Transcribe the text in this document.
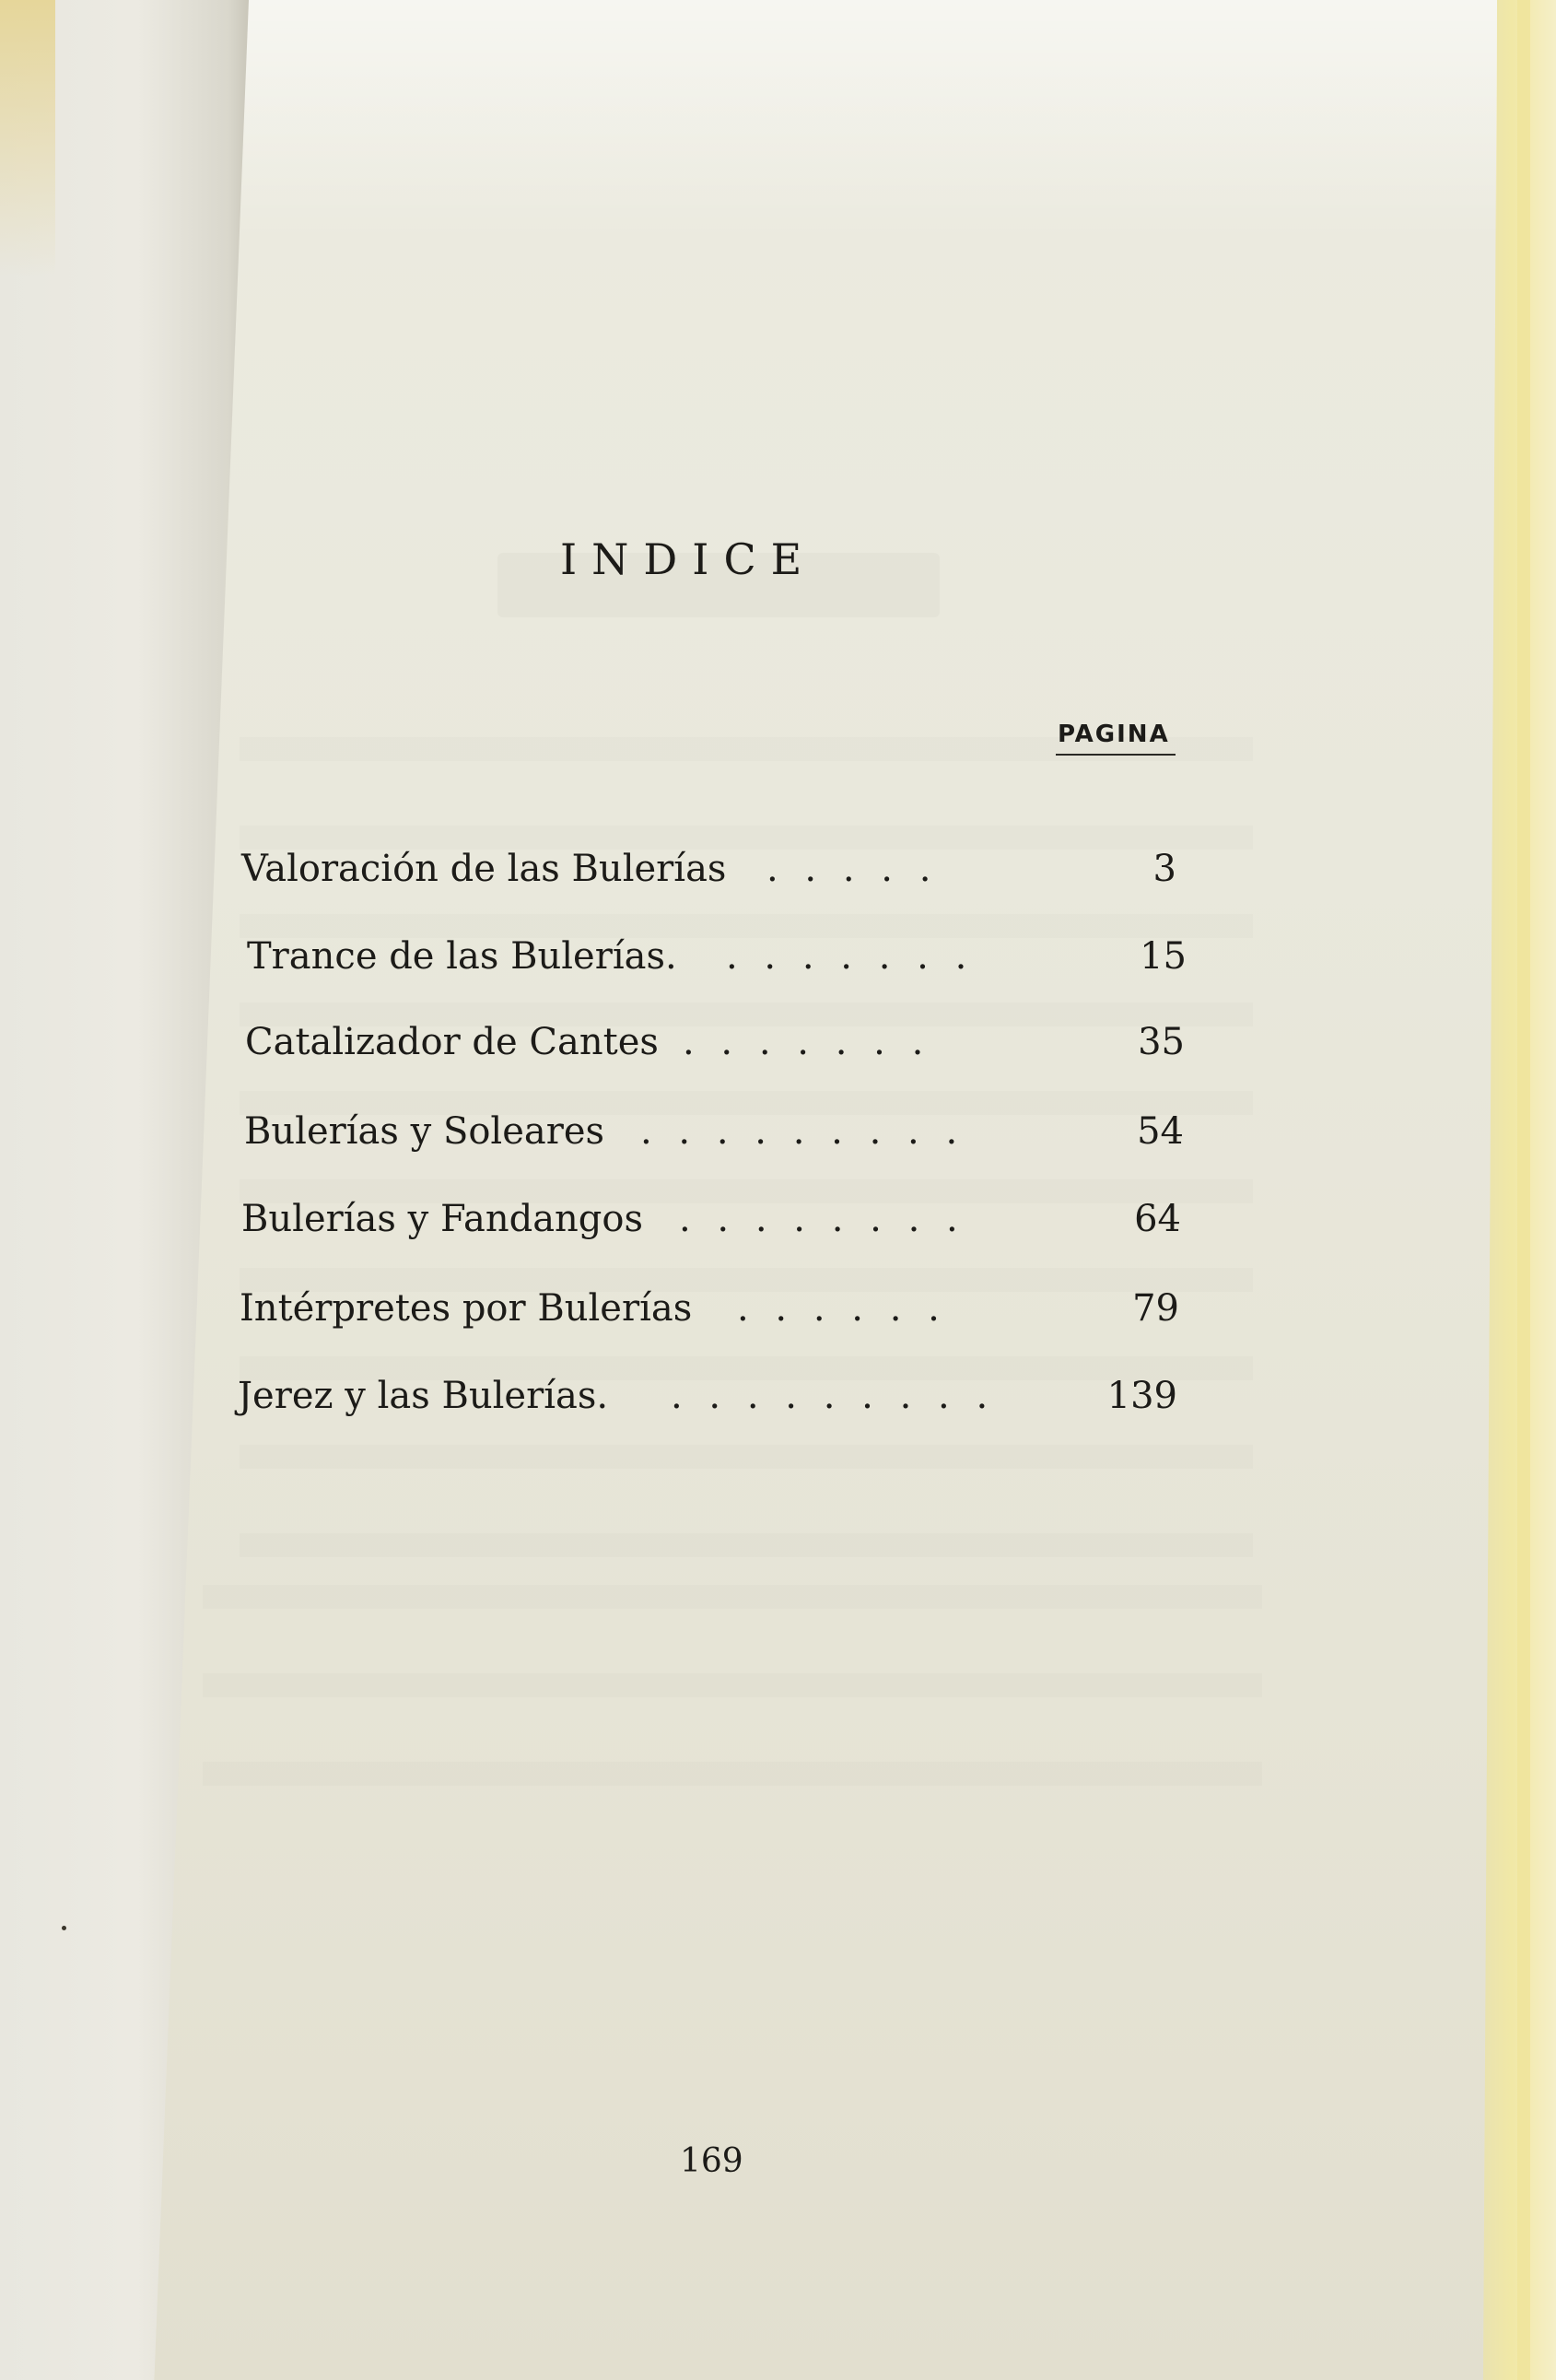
INDICE
PAGINA
Valoración de las Bulerías . . . . .	3
Trance de las Bulerías. . . . . . . .	15
Catalizador de Cantes . . . . . . .	35
Bulerías y Soleares . . . . . . . . .	54
Bulerías y Fandangos . . . . . . . .	64
Intérpretes por Bulerías . . . . . .	79
Jerez y las Bulerías. . . . . . . . . .	139
169
